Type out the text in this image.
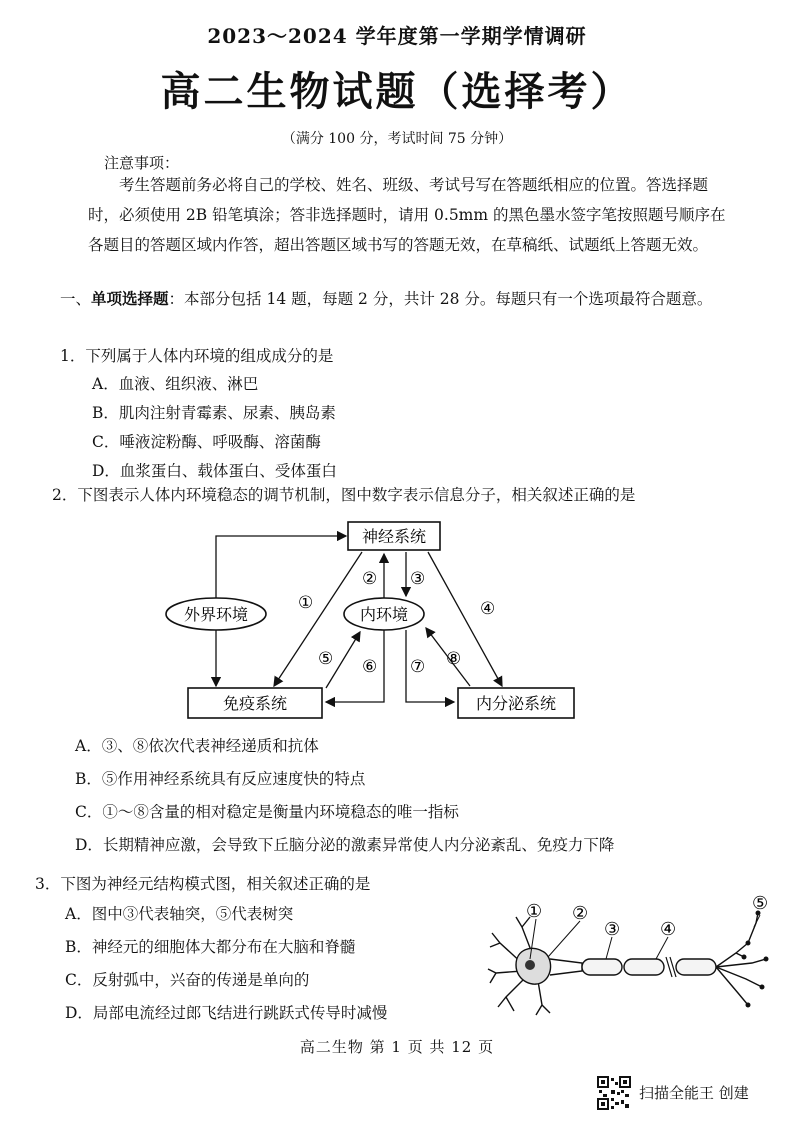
2023～2024 学年度第一学期学情调研
高二生物试题（选择考）
（满分 100 分，考试时间 75 分钟）
注意事项：
考生答题前务必将自己的学校、姓名、班级、考试号写在答题纸相应的位置。答选择题时，必须使用 2B 铅笔填涂；答非选择题时，请用 0.5mm 的黑色墨水签字笔按照题号顺序在各题目的答题区域内作答，超出答题区域书写的答题无效，在草稿纸、试题纸上答题无效。
一、单项选择题：本部分包括 14 题，每题 2 分，共计 28 分。每题只有一个选项最符合题意。
1．下列属于人体内环境的组成成分的是
A．血液、组织液、淋巴
B．肌肉注射青霉素、尿素、胰岛素
C．唾液淀粉酶、呼吸酶、溶菌酶
D．血浆蛋白、载体蛋白、受体蛋白
2．下图表示人体内环境稳态的调节机制，图中数字表示信息分子，相关叙述正确的是
神经系统
内环境
外界环境
免疫系统	内分泌系统
①
② ③
④
⑤ ⑥ ⑦ ⑧
A．③、⑧依次代表神经递质和抗体
B．⑤作用神经系统具有反应速度快的特点
C．①～⑧含量的相对稳定是衡量内环境稳态的唯一指标
D．长期精神应激，会导致下丘脑分泌的激素异常使人内分泌紊乱、免疫力下降
3．下图为神经元结构模式图，相关叙述正确的是
A．图中③代表轴突，⑤代表树突
B．神经元的细胞体大都分布在大脑和脊髓
C．反射弧中，兴奋的传递是单向的
D．局部电流经过郎飞结进行跳跃式传导时减慢
① ②
③ ④
⑤
高二生物 第 1 页 共 12 页
扫描全能王 创建
